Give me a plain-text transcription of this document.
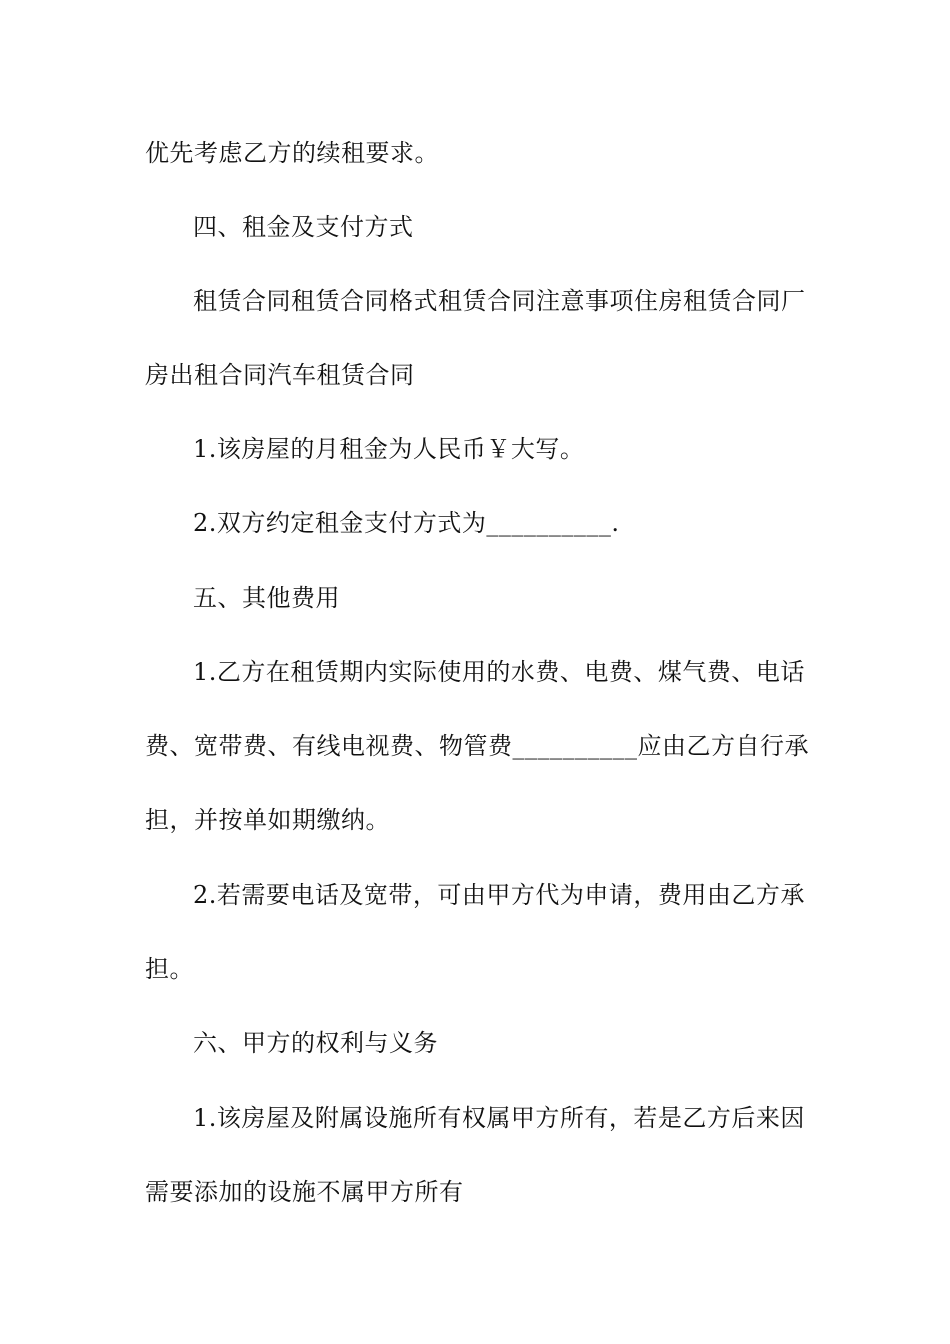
优先考虑乙方的续租要求。
四、租金及支付方式
租赁合同租赁合同格式租赁合同注意事项住房租赁合同厂
房出租合同汽车租赁合同
1.该房屋的月租金为人民币￥大写。
2.双方约定租金支付方式为__________.
五、其他费用
1.乙方在租赁期内实际使用的水费、电费、煤气费、电话
费、宽带费、有线电视费、物管费__________应由乙方自行承
担，并按单如期缴纳。
2.若需要电话及宽带，可由甲方代为申请，费用由乙方承
担。
六、甲方的权利与义务
1.该房屋及附属设施所有权属甲方所有，若是乙方后来因
需要添加的设施不属甲方所有
